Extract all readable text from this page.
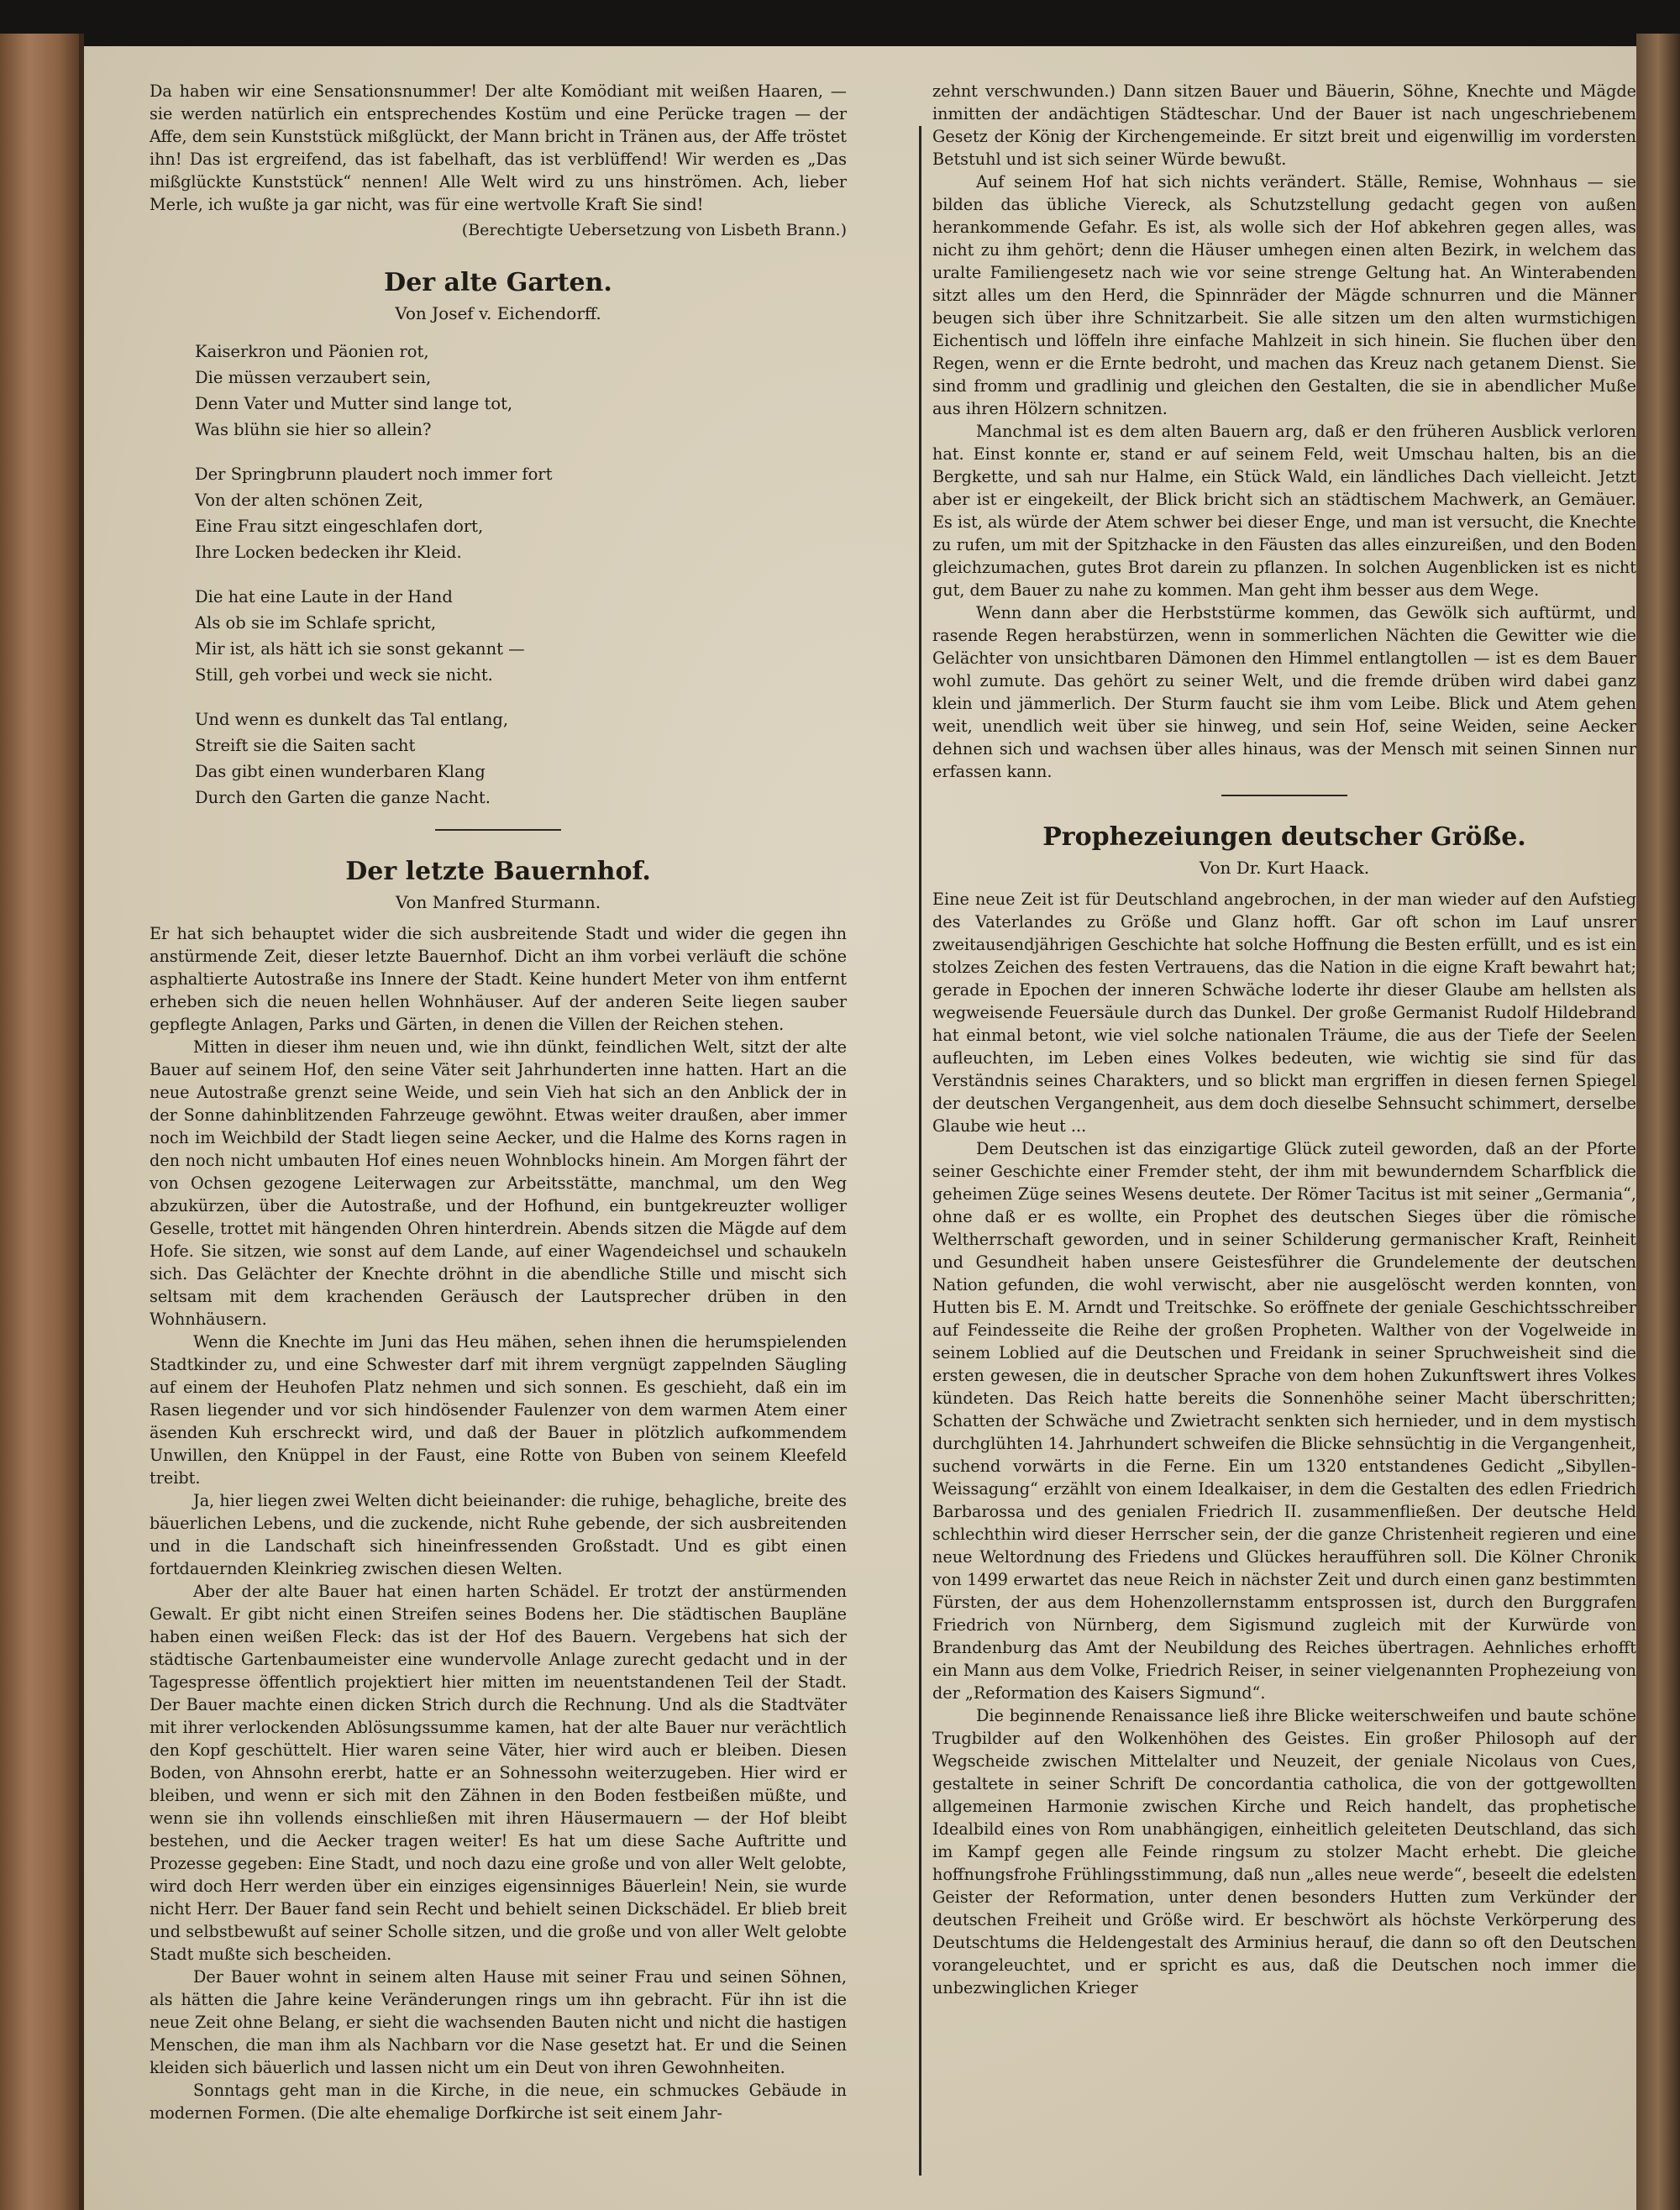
Da haben wir eine Sensationsnummer! Der alte Komödiant mit weißen Haaren, — sie werden natürlich ein entsprechendes Kostüm und eine Perücke tragen — der Affe, dem sein Kunststück mißglückt, der Mann bricht in Tränen aus, der Affe tröstet ihn! Das ist ergreifend, das ist fabelhaft, das ist verblüffend! Wir werden es „Das mißglückte Kunststück“ nennen! Alle Welt wird zu uns hinströmen. Ach, lieber Merle, ich wußte ja gar nicht, was für eine wertvolle Kraft Sie sind!

(Berechtigte Uebersetzung von Lisbeth Brann.)
Der alte Garten.
Von Josef v. Eichendorff.
Kaiserkron und Päonien rot,
Die müssen verzaubert sein,
Denn Vater und Mutter sind lange tot,
Was blühn sie hier so allein?
Der Springbrunn plaudert noch immer fort
Von der alten schönen Zeit,
Eine Frau sitzt eingeschlafen dort,
Ihre Locken bedecken ihr Kleid.
Die hat eine Laute in der Hand
Als ob sie im Schlafe spricht,
Mir ist, als hätt ich sie sonst gekannt —
Still, geh vorbei und weck sie nicht.
Und wenn es dunkelt das Tal entlang,
Streift sie die Saiten sacht
Das gibt einen wunderbaren Klang
Durch den Garten die ganze Nacht.
Der letzte Bauernhof.
Von Manfred Sturmann.

Er hat sich behauptet wider die sich ausbreitende Stadt und wider die gegen ihn anstürmende Zeit, dieser letzte Bauernhof. Dicht an ihm vorbei verläuft die schöne asphaltierte Autostraße ins Innere der Stadt. Keine hundert Meter von ihm entfernt erheben sich die neuen hellen Wohnhäuser. Auf der anderen Seite liegen sauber gepflegte Anlagen, Parks und Gärten, in denen die Villen der Reichen stehen.

Mitten in dieser ihm neuen und, wie ihn dünkt, feindlichen Welt, sitzt der alte Bauer auf seinem Hof, den seine Väter seit Jahrhunderten inne hatten. Hart an die neue Autostraße grenzt seine Weide, und sein Vieh hat sich an den Anblick der in der Sonne dahinblitzenden Fahrzeuge gewöhnt. Etwas weiter draußen, aber immer noch im Weichbild der Stadt liegen seine Aecker, und die Halme des Korns ragen in den noch nicht umbauten Hof eines neuen Wohnblocks hinein. Am Morgen fährt der von Ochsen gezogene Leiterwagen zur Arbeitsstätte, manchmal, um den Weg abzukürzen, über die Autostraße, und der Hofhund, ein buntgekreuzter wolliger Geselle, trottet mit hängenden Ohren hinterdrein. Abends sitzen die Mägde auf dem Hofe. Sie sitzen, wie sonst auf dem Lande, auf einer Wagendeichsel und schaukeln sich. Das Gelächter der Knechte dröhnt in die abendliche Stille und mischt sich seltsam mit dem krachenden Geräusch der Lautsprecher drüben in den Wohnhäusern.

Wenn die Knechte im Juni das Heu mähen, sehen ihnen die herumspielenden Stadtkinder zu, und eine Schwester darf mit ihrem vergnügt zappelnden Säugling auf einem der Heuhofen Platz nehmen und sich sonnen. Es geschieht, daß ein im Rasen liegender und vor sich hindösender Faulenzer von dem warmen Atem einer äsenden Kuh erschreckt wird, und daß der Bauer in plötzlich aufkommendem Unwillen, den Knüppel in der Faust, eine Rotte von Buben von seinem Kleefeld treibt.

Ja, hier liegen zwei Welten dicht beieinander: die ruhige, behagliche, breite des bäuerlichen Lebens, und die zuckende, nicht Ruhe gebende, der sich ausbreitenden und in die Landschaft sich hineinfressenden Großstadt. Und es gibt einen fortdauernden Kleinkrieg zwischen diesen Welten.

Aber der alte Bauer hat einen harten Schädel. Er trotzt der anstürmenden Gewalt. Er gibt nicht einen Streifen seines Bodens her. Die städtischen Baupläne haben einen weißen Fleck: das ist der Hof des Bauern. Vergebens hat sich der städtische Gartenbaumeister eine wundervolle Anlage zurecht gedacht und in der Tagespresse öffentlich projektiert hier mitten im neuentstandenen Teil der Stadt. Der Bauer machte einen dicken Strich durch die Rechnung. Und als die Stadtväter mit ihrer verlockenden Ablösungssumme kamen, hat der alte Bauer nur verächtlich den Kopf geschüttelt. Hier waren seine Väter, hier wird auch er bleiben. Diesen Boden, von Ahnsohn ererbt, hatte er an Sohnessohn weiterzugeben. Hier wird er bleiben, und wenn er sich mit den Zähnen in den Boden festbeißen müßte, und wenn sie ihn vollends einschließen mit ihren Häusermauern — der Hof bleibt bestehen, und die Aecker tragen weiter! Es hat um diese Sache Auftritte und Prozesse gegeben: Eine Stadt, und noch dazu eine große und von aller Welt gelobte, wird doch Herr werden über ein einziges eigensinniges Bäuerlein! Nein, sie wurde nicht Herr. Der Bauer fand sein Recht und behielt seinen Dickschädel. Er blieb breit und selbstbewußt auf seiner Scholle sitzen, und die große und von aller Welt gelobte Stadt mußte sich bescheiden.

Der Bauer wohnt in seinem alten Hause mit seiner Frau und seinen Söhnen, als hätten die Jahre keine Veränderungen rings um ihn gebracht. Für ihn ist die neue Zeit ohne Belang, er sieht die wachsenden Bauten nicht und nicht die hastigen Menschen, die man ihm als Nachbarn vor die Nase gesetzt hat. Er und die Seinen kleiden sich bäuerlich und lassen nicht um ein Deut von ihren Gewohnheiten.

Sonntags geht man in die Kirche, in die neue, ein schmuckes Gebäude in modernen Formen. (Die alte ehemalige Dorfkirche ist seit einem Jahr-

zehnt verschwunden.) Dann sitzen Bauer und Bäuerin, Söhne, Knechte und Mägde inmitten der andächtigen Städteschar. Und der Bauer ist nach ungeschriebenem Gesetz der König der Kirchengemeinde. Er sitzt breit und eigenwillig im vordersten Betstuhl und ist sich seiner Würde bewußt.

Auf seinem Hof hat sich nichts verändert. Ställe, Remise, Wohnhaus — sie bilden das übliche Viereck, als Schutzstellung gedacht gegen von außen herankommende Gefahr. Es ist, als wolle sich der Hof abkehren gegen alles, was nicht zu ihm gehört; denn die Häuser umhegen einen alten Bezirk, in welchem das uralte Familiengesetz nach wie vor seine strenge Geltung hat. An Winterabenden sitzt alles um den Herd, die Spinnräder der Mägde schnurren und die Männer beugen sich über ihre Schnitzarbeit. Sie alle sitzen um den alten wurmstichigen Eichentisch und löffeln ihre einfache Mahlzeit in sich hinein. Sie fluchen über den Regen, wenn er die Ernte bedroht, und machen das Kreuz nach getanem Dienst. Sie sind fromm und gradlinig und gleichen den Gestalten, die sie in abendlicher Muße aus ihren Hölzern schnitzen.

Manchmal ist es dem alten Bauern arg, daß er den früheren Ausblick verloren hat. Einst konnte er, stand er auf seinem Feld, weit Umschau halten, bis an die Bergkette, und sah nur Halme, ein Stück Wald, ein ländliches Dach vielleicht. Jetzt aber ist er eingekeilt, der Blick bricht sich an städtischem Machwerk, an Gemäuer. Es ist, als würde der Atem schwer bei dieser Enge, und man ist versucht, die Knechte zu rufen, um mit der Spitzhacke in den Fäusten das alles einzureißen, und den Boden gleichzumachen, gutes Brot darein zu pflanzen. In solchen Augenblicken ist es nicht gut, dem Bauer zu nahe zu kommen. Man geht ihm besser aus dem Wege.

Wenn dann aber die Herbststürme kommen, das Gewölk sich auftürmt, und rasende Regen herabstürzen, wenn in sommerlichen Nächten die Gewitter wie die Gelächter von unsichtbaren Dämonen den Himmel entlangtollen — ist es dem Bauer wohl zumute. Das gehört zu seiner Welt, und die fremde drüben wird dabei ganz klein und jämmerlich. Der Sturm faucht sie ihm vom Leibe. Blick und Atem gehen weit, unendlich weit über sie hinweg, und sein Hof, seine Weiden, seine Aecker dehnen sich und wachsen über alles hinaus, was der Mensch mit seinen Sinnen nur erfassen kann.

Prophezeiungen deutscher Größe.
Von Dr. Kurt Haack.

Eine neue Zeit ist für Deutschland angebrochen, in der man wieder auf den Aufstieg des Vaterlandes zu Größe und Glanz hofft. Gar oft schon im Lauf unsrer zweitausendjährigen Geschichte hat solche Hoffnung die Besten erfüllt, und es ist ein stolzes Zeichen des festen Vertrauens, das die Nation in die eigne Kraft bewahrt hat; gerade in Epochen der inneren Schwäche loderte ihr dieser Glaube am hellsten als wegweisende Feuersäule durch das Dunkel. Der große Germanist Rudolf Hildebrand hat einmal betont, wie viel solche nationalen Träume, die aus der Tiefe der Seelen aufleuchten, im Leben eines Volkes bedeuten, wie wichtig sie sind für das Verständnis seines Charakters, und so blickt man ergriffen in diesen fernen Spiegel der deutschen Vergangenheit, aus dem doch dieselbe Sehnsucht schimmert, derselbe Glaube wie heut ...

Dem Deutschen ist das einzigartige Glück zuteil geworden, daß an der Pforte seiner Geschichte einer Fremder steht, der ihm mit bewunderndem Scharfblick die geheimen Züge seines Wesens deutete. Der Römer Tacitus ist mit seiner „Germania“, ohne daß er es wollte, ein Prophet des deutschen Sieges über die römische Weltherrschaft geworden, und in seiner Schilderung germanischer Kraft, Reinheit und Gesundheit haben unsere Geistesführer die Grundelemente der deutschen Nation gefunden, die wohl verwischt, aber nie ausgelöscht werden konnten, von Hutten bis E. M. Arndt und Treitschke. So eröffnete der geniale Geschichtsschreiber auf Feindesseite die Reihe der großen Propheten. Walther von der Vogelweide in seinem Loblied auf die Deutschen und Freidank in seiner Spruchweisheit sind die ersten gewesen, die in deutscher Sprache von dem hohen Zukunftswert ihres Volkes kündeten. Das Reich hatte bereits die Sonnenhöhe seiner Macht überschritten; Schatten der Schwäche und Zwietracht senkten sich hernieder, und in dem mystisch durchglühten 14. Jahrhundert schweifen die Blicke sehnsüchtig in die Vergangenheit, suchend vorwärts in die Ferne. Ein um 1320 entstandenes Gedicht „Sibyllen-Weissagung“ erzählt von einem Idealkaiser, in dem die Gestalten des edlen Friedrich Barbarossa und des genialen Friedrich II. zusammenfließen. Der deutsche Held schlechthin wird dieser Herrscher sein, der die ganze Christenheit regieren und eine neue Weltordnung des Friedens und Glückes heraufführen soll. Die Kölner Chronik von 1499 erwartet das neue Reich in nächster Zeit und durch einen ganz bestimmten Fürsten, der aus dem Hohenzollernstamm entsprossen ist, durch den Burggrafen Friedrich von Nürnberg, dem Sigismund zugleich mit der Kurwürde von Brandenburg das Amt der Neubildung des Reiches übertragen. Aehnliches erhofft ein Mann aus dem Volke, Friedrich Reiser, in seiner vielgenannten Prophezeiung von der „Reformation des Kaisers Sigmund“.

Die beginnende Renaissance ließ ihre Blicke weiterschweifen und baute schöne Trugbilder auf den Wolkenhöhen des Geistes. Ein großer Philosoph auf der Wegscheide zwischen Mittelalter und Neuzeit, der geniale Nicolaus von Cues, gestaltete in seiner Schrift De concordantia catholica, die von der gottgewollten allgemeinen Harmonie zwischen Kirche und Reich handelt, das prophetische Idealbild eines von Rom unabhängigen, einheitlich geleiteten Deutschland, das sich im Kampf gegen alle Feinde ringsum zu stolzer Macht erhebt. Die gleiche hoffnungsfrohe Frühlingsstimmung, daß nun „alles neue werde“, beseelt die edelsten Geister der Reformation, unter denen besonders Hutten zum Verkünder der deutschen Freiheit und Größe wird. Er beschwört als höchste Verkörperung des Deutschtums die Heldengestalt des Arminius herauf, die dann so oft den Deutschen vorangeleuchtet, und er spricht es aus, daß die Deutschen noch immer die unbezwinglichen Krieger
